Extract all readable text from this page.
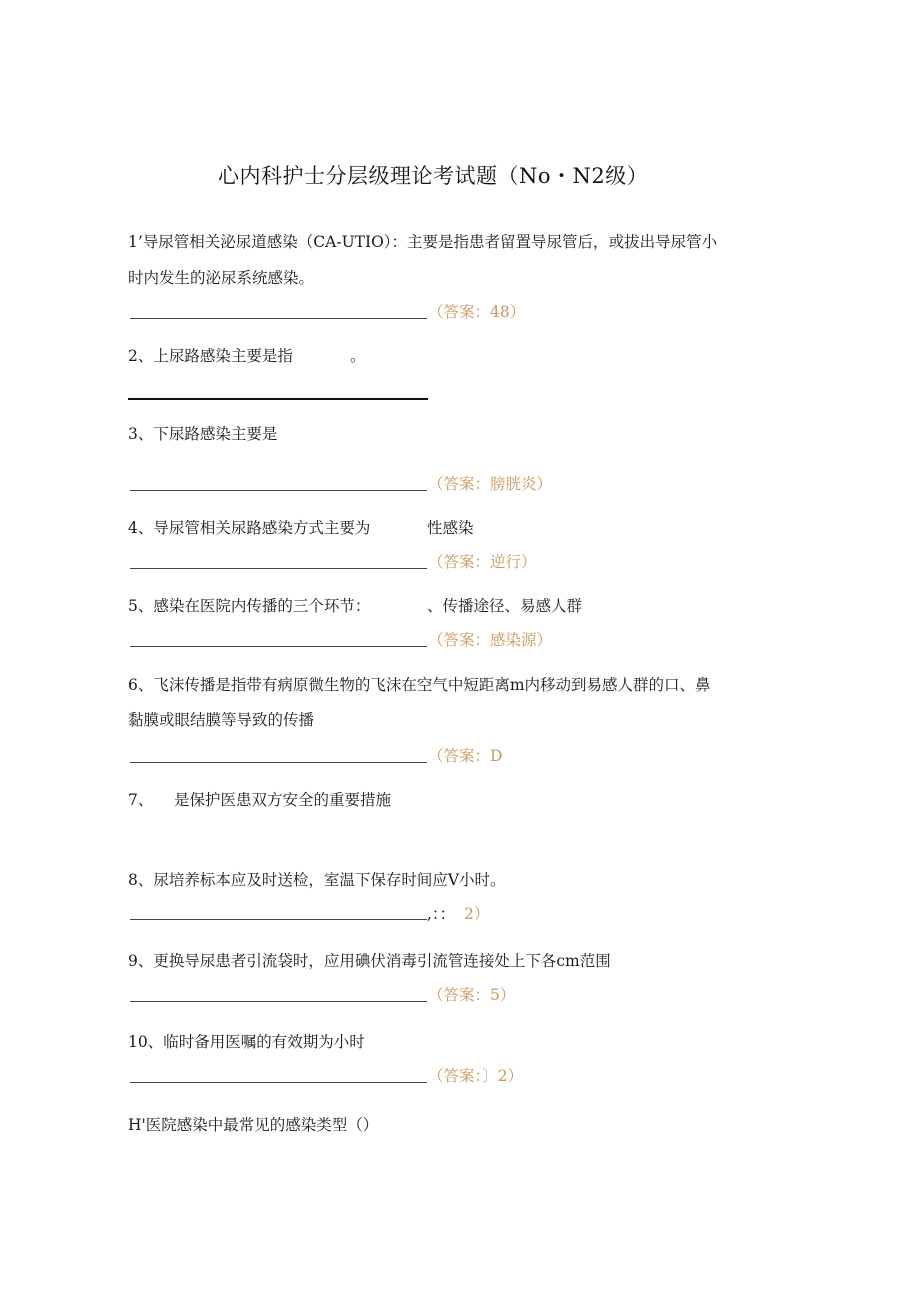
心内科护士分层级理论考试题（No・N2级）
1’导尿管相关泌尿道感染（CA-UTIO）：主要是指患者留置导尿管后，或拔出导尿管小
时内发生的泌尿系统感染。
（答案：48）
2、上尿路感染主要是指	。
3、下尿路感染主要是
（答案：膀胱炎）
4、导尿管相关尿路感染方式主要为	性感染
（答案：逆行）
5、感染在医院内传播的三个环节：	、传播途径、易感人群
（答案：感染源）
6、飞沫传播是指带有病原微生物的飞沫在空气中短距离m内移动到易感人群的口、鼻
黏膜或眼结膜等导致的传播
（答案：D
7、 是保护医患双方安全的重要措施
8、尿培养标本应及时送检，室温下保存时间应V小时。
,：： 2）
9、更换导尿患者引流袋时，应用碘伏消毒引流管连接处上下各cm范围
（答案：5）
10、临时备用医嘱的有效期为小时
（答案：〕2）
H'医院感染中最常见的感染类型（）
